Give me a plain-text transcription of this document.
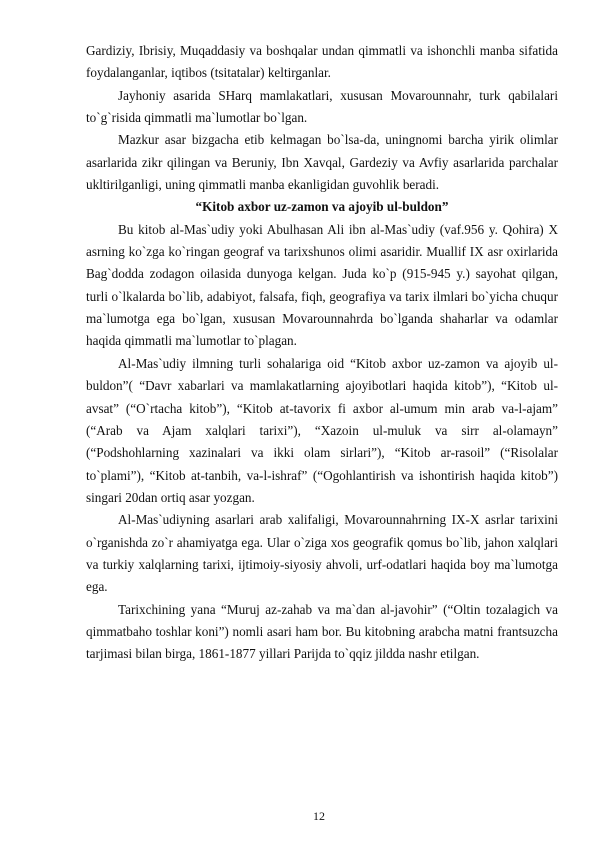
Gardiziy, Ibrisiy, Muqaddasiy va boshqalar undan qimmatli va ishonchli manba sifatida foydalanganlar, iqtibos (tsitatalar) keltirganlar.

Jayhoniy asarida SHarq mamlakatlari, xususan Movarounnahr, turk qabilalari to`g`risida qimmatli ma`lumotlar bo`lgan.

Mazkur asar bizgacha etib kelmagan bo`lsa-da, uningnomi barcha yirik olimlar asarlarida zikr qilingan va Beruniy, Ibn Xavqal, Gardeziy va Avfiy asarlarida parchalar ukltirilganligi, uning qimmatli manba ekanligidan guvohlik beradi.

“Kitob axbor uz-zamon va ajoyib ul-buldon”

Bu kitob al-Mas`udiy yoki Abulhasan Ali ibn al-Mas`udiy (vaf.956 y. Qohira) X asrning ko`zga ko`ringan geograf va tarixshunos olimi asaridir. Muallif IX asr oxirlarida Bag`dodda zodagon oilasida dunyoga kelgan. Juda ko`p (915-945 y.) sayohat qilgan, turli o`lkalarda bo`lib, adabiyot, falsafa, fiqh, geografiya va tarix ilmlari bo`yicha chuqur ma`lumotga ega bo`lgan, xususan Movarounnahrda bo`lganda shaharlar va odamlar haqida qimmatli ma`lumotlar to`plagan.

Al-Mas`udiy ilmning turli sohalariga oid “Kitob axbor uz-zamon va ajoyib ul-buldon”( “Davr xabarlari va mamlakatlarning ajoyibotlari haqida kitob”), “Kitob ul-avsat” (“O`rtacha kitob”), “Kitob at-tavorix fi axbor al-umum min arab va-l-ajam” (“Arab va Ajam xalqlari tarixi”), “Xazoin ul-muluk va sirr al-olamayn” (“Podshohlarning xazinalari va ikki olam sirlari”), “Kitob ar-rasoil” (“Risolalar to`plami”), “Kitob at-tanbih, va-l-ishraf” (“Ogohlantirish va ishontirish haqida kitob”) singari 20dan ortiq asar yozgan.

Al-Mas`udiyning asarlari arab xalifaligi, Movarounnahrning IX-X asrlar tarixini o`rganishda zo`r ahamiyatga ega. Ular o`ziga xos geografik qomus bo`lib, jahon xalqlari va turkiy xalqlarning tarixi, ijtimoiy-siyosiy ahvoli, urf-odatlari haqida boy ma`lumotga ega.

Tarixchining yana “Muruj az-zahab va ma`dan al-javohir” (“Oltin tozalagich va qimmatbaho toshlar koni”) nomli asari ham bor. Bu kitobning arabcha matni frantsuzcha tarjimasi bilan birga, 1861-1877 yillari Parijda to`qqiz jildda nashr etilgan.

12
